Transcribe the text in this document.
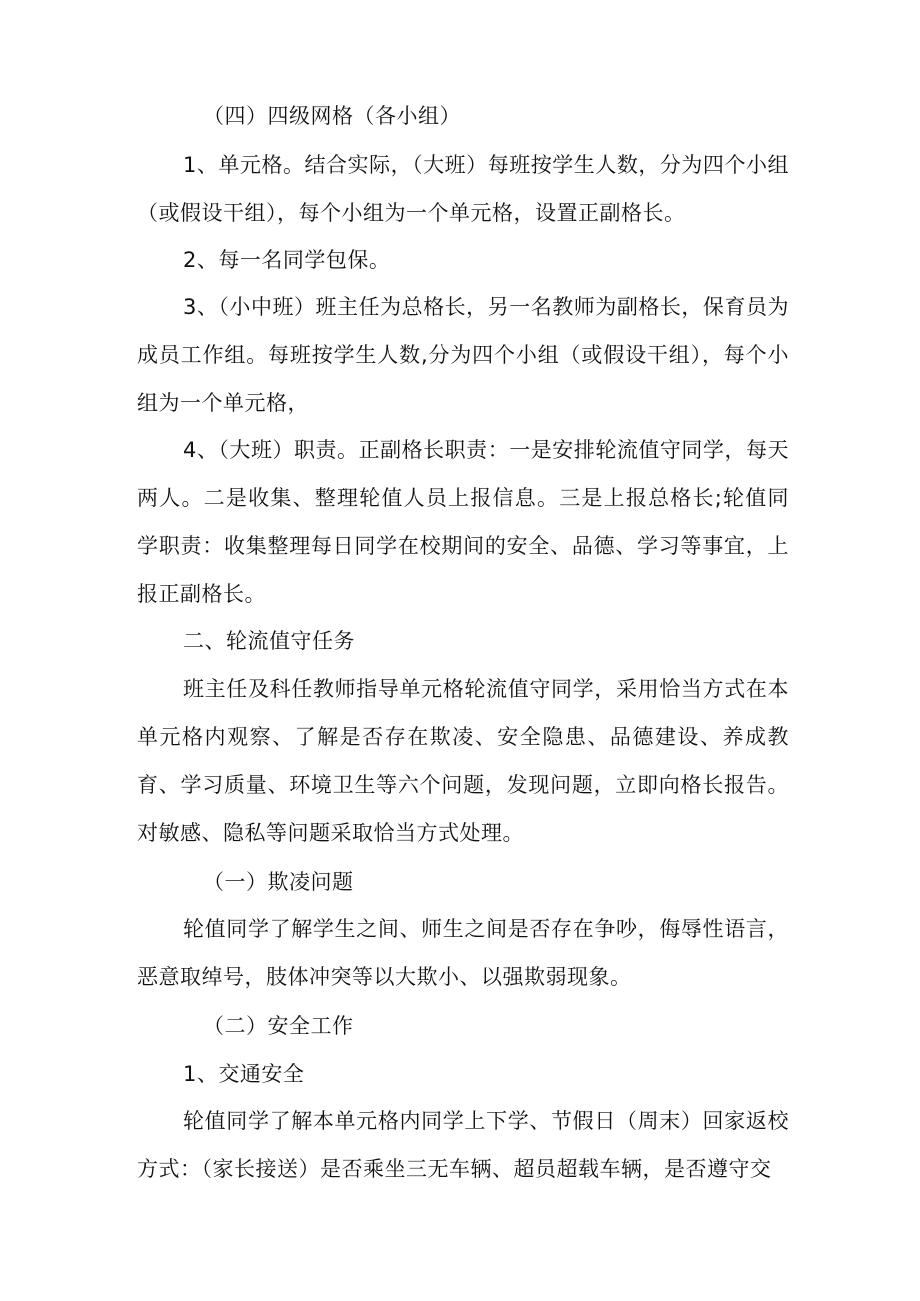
（四）四级网格（各小组）

1、单元格。结合实际，（大班）每班按学生人数，分为四个小组（或假设干组），每个小组为一个单元格，设置正副格长。

2、每一名同学包保。

3、（小中班）班主任为总格长，另一名教师为副格长，保育员为成员工作组。每班按学生人数,分为四个小组（或假设干组），每个小组为一个单元格，

4、（大班）职责。正副格长职责：一是安排轮流值守同学，每天两人。二是收集、整理轮值人员上报信息。三是上报总格长;轮值同学职责：收集整理每日同学在校期间的安全、品德、学习等事宜，上报正副格长。

二、轮流值守任务

班主任及科任教师指导单元格轮流值守同学，采用恰当方式在本单元格内观察、了解是否存在欺凌、安全隐患、品德建设、养成教育、学习质量、环境卫生等六个问题，发现问题，立即向格长报告。对敏感、隐私等问题采取恰当方式处理。

（一）欺凌问题

轮值同学了解学生之间、师生之间是否存在争吵，侮辱性语言，恶意取绰号，肢体冲突等以大欺小、以强欺弱现象。

（二）安全工作

1、交通安全

轮值同学了解本单元格内同学上下学、节假日（周末）回家返校方式：（家长接送）是否乘坐三无车辆、超员超载车辆，是否遵守交
